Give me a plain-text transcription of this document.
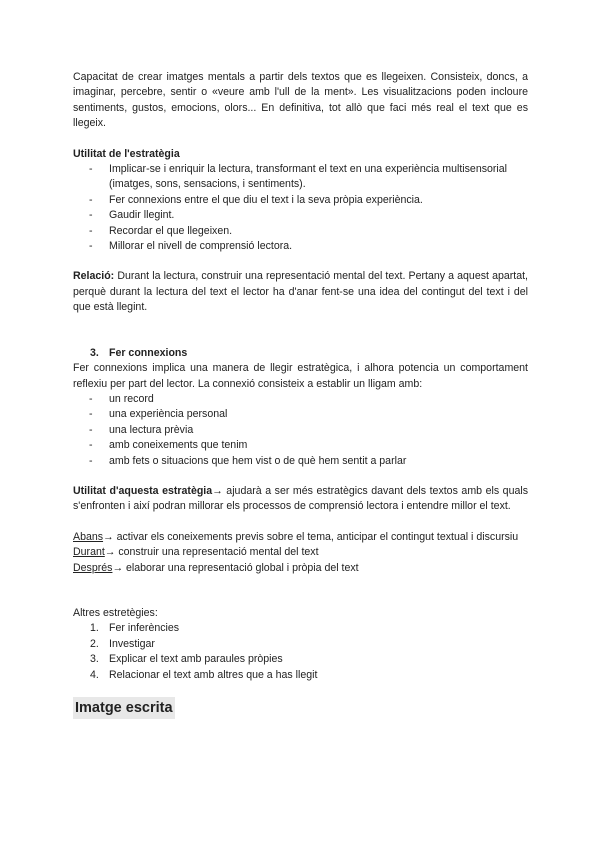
Capacitat de crear imatges mentals a partir dels textos que es llegeixen. Consisteix, doncs, a imaginar, percebre, sentir o «veure amb l'ull de la ment». Les visualitzacions poden incloure sentiments, gustos, emocions, olors... En definitiva, tot allò que faci més real el text que es llegeix.

Utilitat de l'estratègia

- Implicar-se i enriquir la lectura, transformant el text en una experiència multisensorial (imatges, sons, sensacions, i sentiments).
- Fer connexions entre el que diu el text i la seva pròpia experiència.
- Gaudir llegint.
- Recordar el que llegeixen.
- Millorar el nivell de comprensió lectora.

Relació: Durant la lectura, construir una representació mental del text. Pertany a aquest apartat, perquè durant la lectura del text el lector ha d'anar fent-se una idea del contingut del text i del que està llegint.

3. Fer connexions

Fer connexions implica una manera de llegir estratègica, i alhora potencia un comportament reflexiu per part del lector. La connexió consisteix a establir un lligam amb:

- un record
- una experiència personal
- una lectura prèvia
- amb coneixements que tenim
- amb fets o situacions que hem vist o de què hem sentit a parlar

Utilitat d'aquesta estratègia→ ajudarà a ser més estratègics davant dels textos amb els quals s'enfronten i així podran millorar els processos de comprensió lectora i entendre millor el text.

Abans→ activar els coneixements previs sobre el tema, anticipar el contingut textual i discursiu

Durant→ construir una representació mental del text

Després→ elaborar una representació global i pròpia del text

Altres estretègies:

1. Fer inferències
2. Investigar
3. Explicar el text amb paraules pròpies
4. Relacionar el text amb altres que a has llegit
Imatge escrita
